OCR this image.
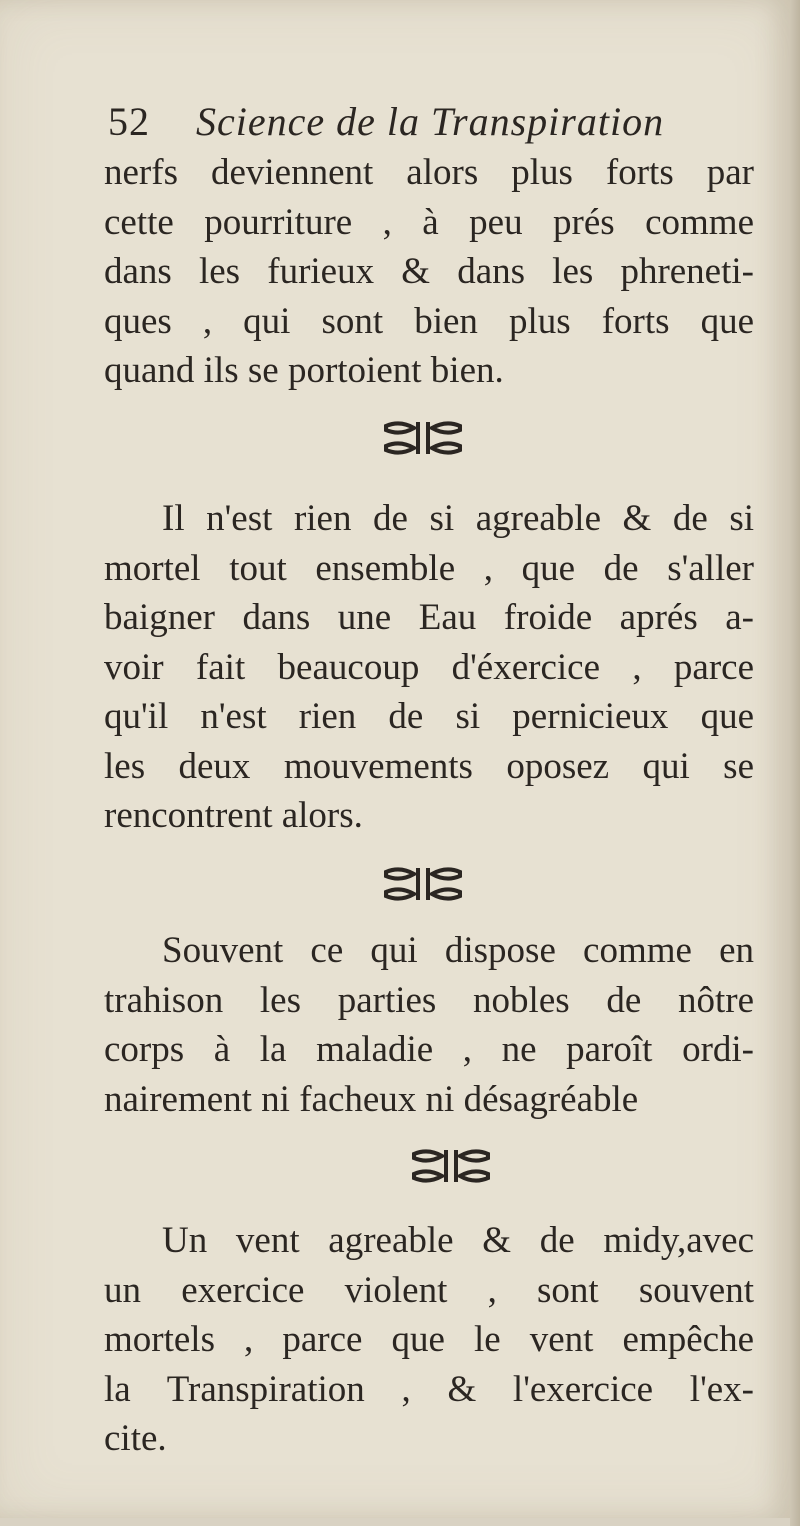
52 Science de la Transpiration
nerfs deviennent alors plus forts par
cette pourriture , à peu prés comme
dans les furieux & dans les phreneti-
ques , qui sont bien plus forts que
quand ils se portoient bien.
Il n'est rien de si agreable & de si
mortel tout ensemble , que de s'aller
baigner dans une Eau froide aprés a-
voir fait beaucoup d'éxercice , parce
qu'il n'est rien de si pernicieux que
les deux mouvements oposez qui se
rencontrent alors.
Souvent ce qui dispose comme en
trahison les parties nobles de nôtre
corps à la maladie , ne paroît ordi-
nairement ni facheux ni désagréable
Un vent agreable & de midy,avec
un exercice violent , sont souvent
mortels , parce que le vent empêche
la Transpiration , & l'exercice l'ex-
cite.
